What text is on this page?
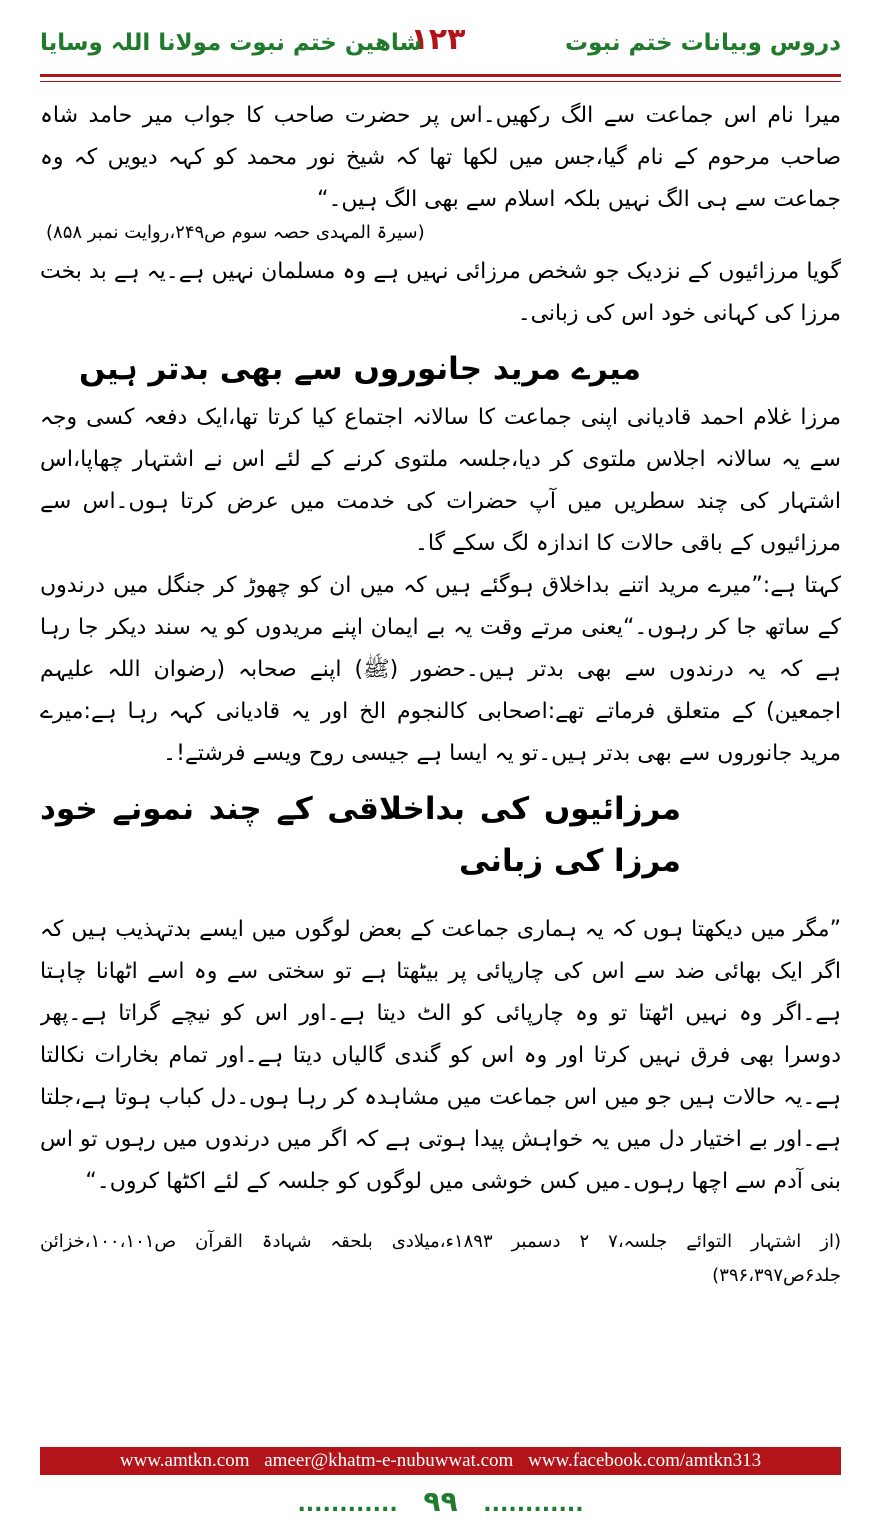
دروس وبیانات ختم نبوت
۱۲۳
شاهین ختم نبوت مولانا اللہ وسایا

میرا نام اس جماعت سے الگ رکھیں۔اس پر حضرت صاحب کا جواب میر حامد شاہ صاحب مرحوم کے نام گیا،جس میں لکھا تھا کہ شیخ نور محمد کو کہہ دیویں کہ وہ جماعت سے ہی الگ نہیں بلکہ اسلام سے بھی الگ ہیں۔“

(سیرۃ المہدی حصہ سوم ص۲۴۹،روایت نمبر ۸۵۸)

گویا مرزائیوں کے نزدیک جو شخص مرزائی نہیں ہے وہ مسلمان نہیں ہے۔یہ ہے بد بخت مرزا کی کہانی خود اس کی زبانی۔

میرے مرید جانوروں سے بھی بدتر ہیں

مرزا غلام احمد قادیانی اپنی جماعت کا سالانہ اجتماع کیا کرتا تھا،ایک دفعہ کسی وجہ سے یہ سالانہ اجلاس ملتوی کر دیا،جلسہ ملتوی کرنے کے لئے اس نے اشتہار چھاپا،اس اشتہار کی چند سطریں میں آپ حضرات کی خدمت میں عرض کرتا ہوں۔اس سے مرزائیوں کے باقی حالات کا اندازہ لگ سکے گا۔

کہتا ہے:”میرے مرید اتنے بداخلاق ہوگئے ہیں کہ میں ان کو چھوڑ کر جنگل میں درندوں کے ساتھ جا کر رہوں۔“یعنی مرتے وقت یہ بے ایمان اپنے مریدوں کو یہ سند دیکر جا رہا ہے کہ یہ درندوں سے بھی بدتر ہیں۔حضور (ﷺ) اپنے صحابہ (رضوان اللہ علیہم اجمعین) کے متعلق فرماتے تھے:اصحابی کالنجوم الخ اور یہ قادیانی کہہ رہا ہے:میرے مرید جانوروں سے بھی بدتر ہیں۔تو یہ ایسا ہے جیسی روح ویسے فرشتے!۔

مرزائیوں کی بداخلاقی کے چند نمونے خود مرزا کی زبانی

”مگر میں دیکھتا ہوں کہ یہ ہماری جماعت کے بعض لوگوں میں ایسے بدتہذیب ہیں کہ اگر ایک بھائی ضد سے اس کی چارپائی پر بیٹھتا ہے تو سختی سے وہ اسے اٹھانا چاہتا ہے۔اگر وہ نہیں اٹھتا تو وہ چارپائی کو الٹ دیتا ہے۔اور اس کو نیچے گراتا ہے۔پھر دوسرا بھی فرق نہیں کرتا اور وہ اس کو گندی گالیاں دیتا ہے۔اور تمام بخارات نکالتا ہے۔یہ حالات ہیں جو میں اس جماعت میں مشاہدہ کر رہا ہوں۔دل کباب ہوتا ہے،جلتا ہے۔اور بے اختیار دل میں یہ خواہش پیدا ہوتی ہے کہ اگر میں درندوں میں رہوں تو اس بنی آدم سے اچھا رہوں۔میں کس خوشی میں لوگوں کو جلسہ کے لئے اکٹھا کروں۔“

(از اشتہار التوائے جلسہ،۷ ۲ دسمبر ۱۸۹۳ء،میلادی بلحقہ شہادۃ القرآن ص۱۰۰،۱۰۱،خزائن جلد۶ص۳۹۶،۳۹۷)
www.amtkn.com ameer@khatm-e-nubuwwat.com www.facebook.com/amtkn313
............ ۹۹ ............
